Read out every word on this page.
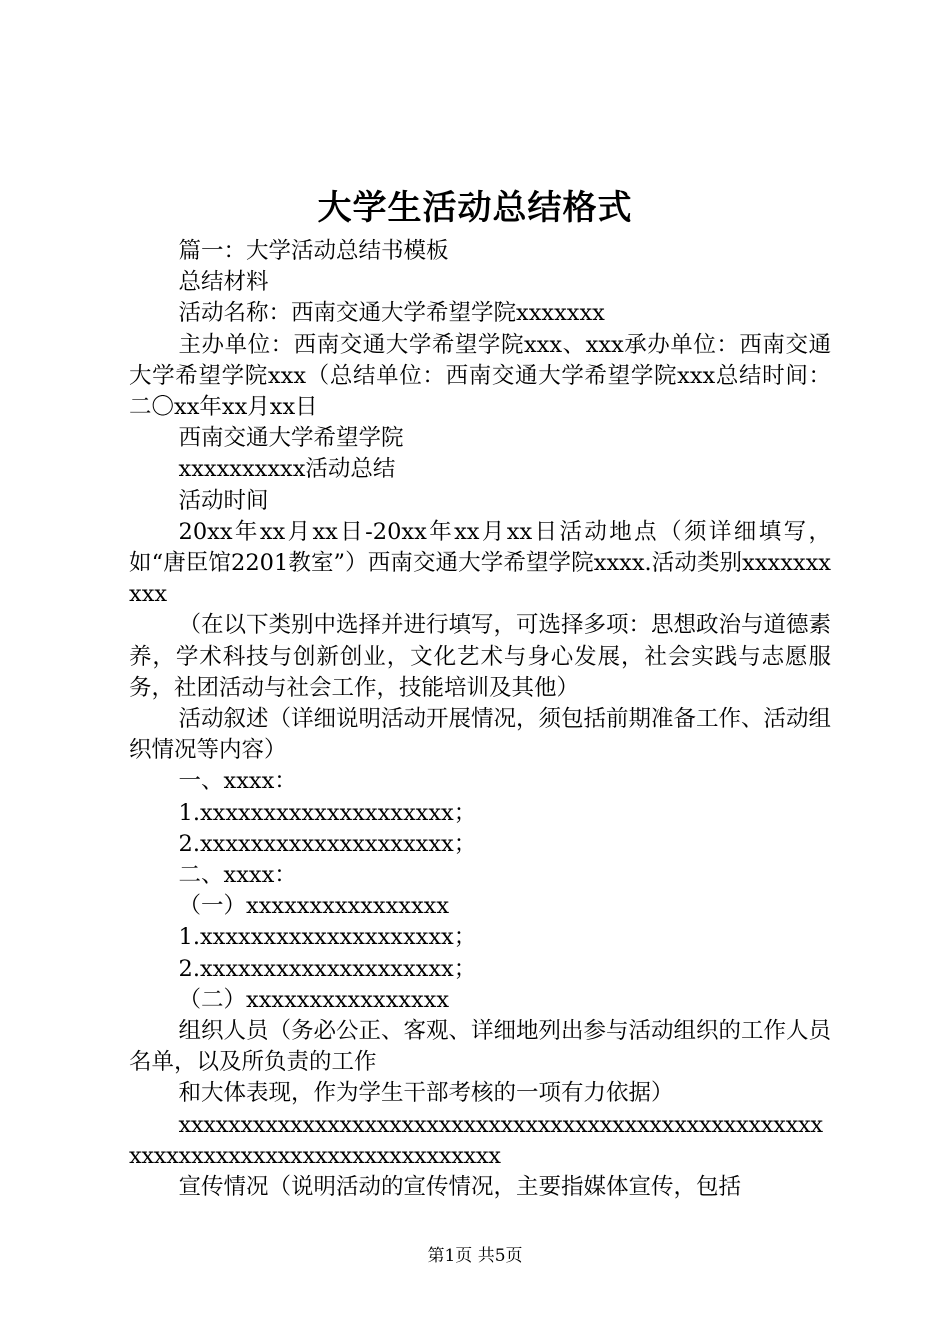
大学生活动总结格式

篇一：大学活动总结书模板

总结材料

活动名称：西南交通大学希望学院xxxxxxx

主办单位：西南交通大学希望学院xxx、xxx承办单位：西南交通大学希望学院xxx（总结单位：西南交通大学希望学院xxx总结时间：二〇xx年xx月xx日

西南交通大学希望学院

xxxxxxxxxx活动总结

活动时间

20xx年xx月xx日-20xx年xx月xx日活动地点（须详细填写，如“唐臣馆2201教室”）西南交通大学希望学院xxxx.活动类别xxxxxxxxxx

（在以下类别中选择并进行填写，可选择多项：思想政治与道德素养，学术科技与创新创业，文化艺术与身心发展，社会实践与志愿服务，社团活动与社会工作，技能培训及其他）

活动叙述（详细说明活动开展情况，须包括前期准备工作、活动组织情况等内容）

一、xxxx：

1.xxxxxxxxxxxxxxxxxxxx；

2.xxxxxxxxxxxxxxxxxxxx；

二、xxxx：

（一）xxxxxxxxxxxxxxxx

1.xxxxxxxxxxxxxxxxxxxx；

2.xxxxxxxxxxxxxxxxxxxx；

（二）xxxxxxxxxxxxxxxx

组织人员（务必公正、客观、详细地列出参与活动组织的工作人员名单，以及所负责的工作

和大体表现，作为学生干部考核的一项有力依据）

xxxxxxxxxxxxxxxxxxxxxxxxxxxxxxxxxxxxxxxxxxxxxxxxxxxxxxxxxxxxxxxxxxxxxxxxxxxxxxxxxx

宣传情况（说明活动的宣传情况，主要指媒体宣传，包括

第1页 共5页
